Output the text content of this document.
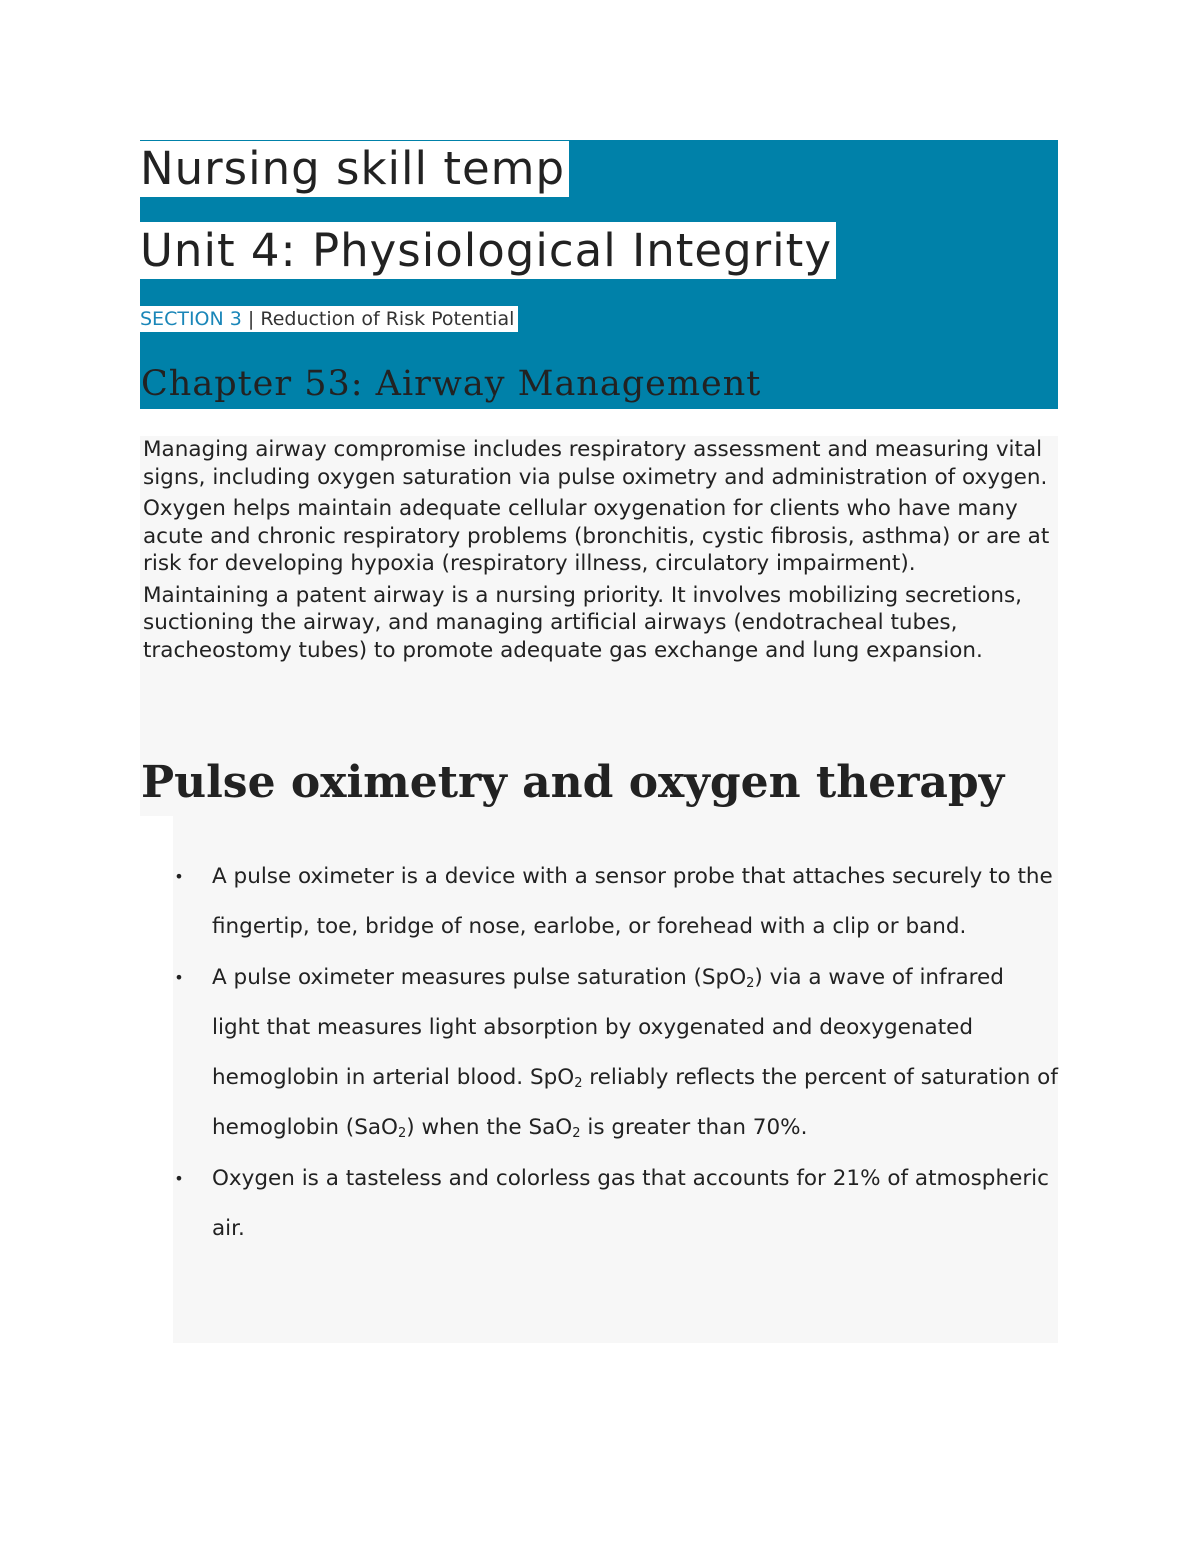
Nursing skill temp
Unit 4: Physiological Integrity
SECTION 3 | Reduction of Risk Potential
Chapter 53: Airway Management

Managing airway compromise includes respiratory assessment and measuring vital signs, including oxygen saturation via pulse oximetry and administration of oxygen.

Oxygen helps maintain adequate cellular oxygenation for clients who have many acute and chronic respiratory problems (bronchitis, cystic fibrosis, asthma) or are at risk for developing hypoxia (respiratory illness, circulatory impairment).

Maintaining a patent airway is a nursing priority. It involves mobilizing secretions, suctioning the airway, and managing artificial airways (endotracheal tubes, tracheostomy tubes) to promote adequate gas exchange and lung expansion.

Pulse oximetry and oxygen therapy
• A pulse oximeter is a device with a sensor probe that attaches securely to the fingertip, toe, bridge of nose, earlobe, or forehead with a clip or band.
• A pulse oximeter measures pulse saturation (SpO$_2$) via a wave of infrared light that measures light absorption by oxygenated and deoxygenated hemoglobin in arterial blood. SpO$_2$ reliably reflects the percent of saturation of hemoglobin (SaO$_2$) when the SaO$_2$ is greater than 70%.
• Oxygen is a tasteless and colorless gas that accounts for 21% of atmospheric air.
